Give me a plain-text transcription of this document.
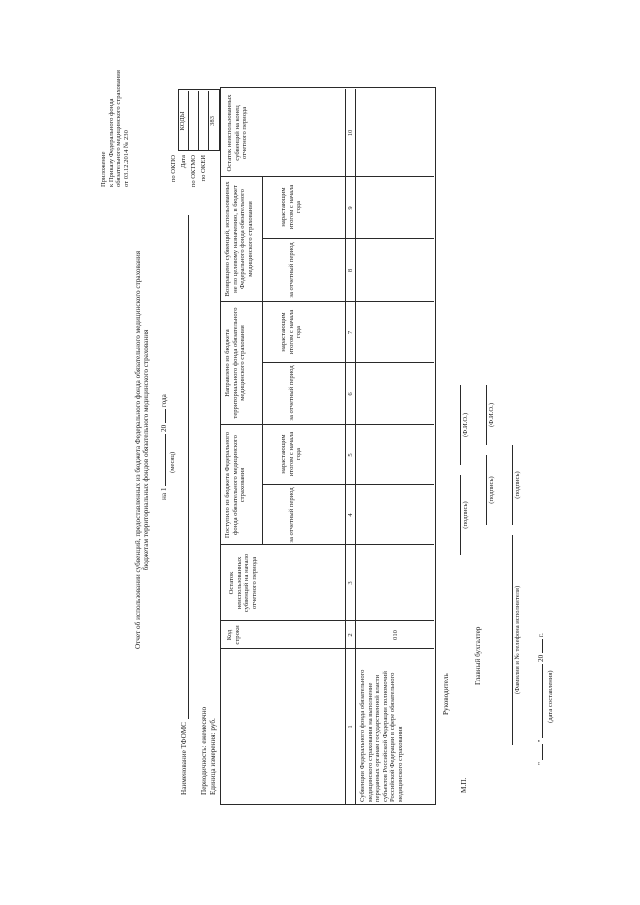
Приложение к Приказу Федерального фонда обязательного медицинского страхования от 03.12.2014 № 230
Отчет об использовании субвенций, предоставленных из бюджета Федерального фонда обязательного медицинского страхования бюджетам территориальных фондов обязательного медицинского страхования на 1  20  года
(месяц)
Наименование ТФОМС Периодичность: ежемесячно Единица измерения: руб.
по ОКПО Дата по ОКТМО по ОКЕИ
КОДЫ	383
Код строки
Остаток неиспользованных субвенций на начало отчетного периода
Поступило из бюджета Федерального фонда обязательного медицинского страхования
Направлено из бюджета территориального фонда обязательного медицинского страхования
Возвращено субвенций, использованных не по целевому назначению, в бюджет Федерального фонда обязательного медицинского страхования
Остаток неиспользованных субвенций на конец отчетного периода
за отчетный период
нарастающим итогом с начала года
за отчетный период
нарастающим итогом с начала года
за отчетный период
нарастающим итогом с начала года
1
2
3
4
5
6
7
8
9
10
Субвенции Федерального фонда обязательного медицинского страхования на выполнение переданных органам государственной власти субъектов Российской Федерации полномочий Российской Федерации в сфере обязательного медицинского страхования
010
М.П.
Руководитель
(подпись)
(Ф.И.О.)
Главный бухгалтер
(подпись)
(Ф.И.О.)
(Фамилия и № телефона исполнителя)
(подпись)
"  "  20  г.
(дата составления)
